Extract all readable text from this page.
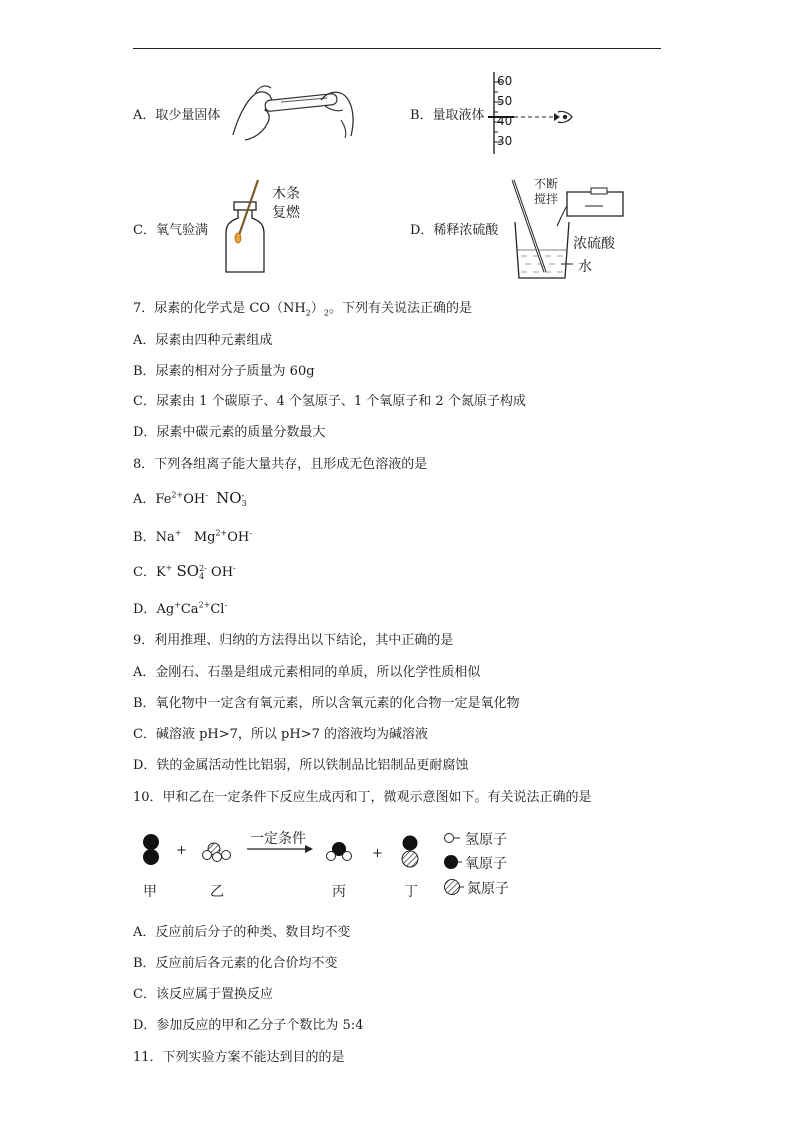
A．取少量固体	B．量取液体
60
50
40
30
C．氧气验满
木条
复燃
D．稀释浓硫酸
不断
搅拌
浓硫酸
水
7．尿素的化学式是 $CO(NH_2)_2$。下列有关说法正确的是
A．尿素由四种元素组成
B．尿素的相对分子质量为 60g
C．尿素由 1 个碳原子、4 个氢原子、1 个氧原子和 2 个氮原子构成
D．尿素中碳元素的质量分数最大
8．下列各组离子能大量共存，且形成无色溶液的是
A．$Fe^{2+}OH^-$ NO -
3
B．Na+ $Mg^{2+}OH^-$
C．K+ SO 2-
4 OH-
D．$Ag^+Ca^{2+}Cl^-$
9．利用推理、归纳的方法得出以下结论，其中正确的是
A．金刚石、石墨是组成元素相同的单质，所以化学性质相似
B．氧化物中一定含有氧元素，所以含氧元素的化合物一定是氧化物
C．碱溶液 pH>7，所以 pH>7 的溶液均为碱溶液
D．铁的金属活动性比铝弱，所以铁制品比铝制品更耐腐蚀
10．甲和乙在一定条件下反应生成丙和丁，微观示意图如下。有关说法正确的是
+	+
一定条件
甲	乙	丙	丁
氢原子
氧原子
氮原子
A．反应前后分子的种类、数目均不变
B．反应前后各元素的化合价均不变
C．该反应属于置换反应
D．参加反应的甲和乙分子个数比为 5:4
11．下列实验方案不能达到目的的是
